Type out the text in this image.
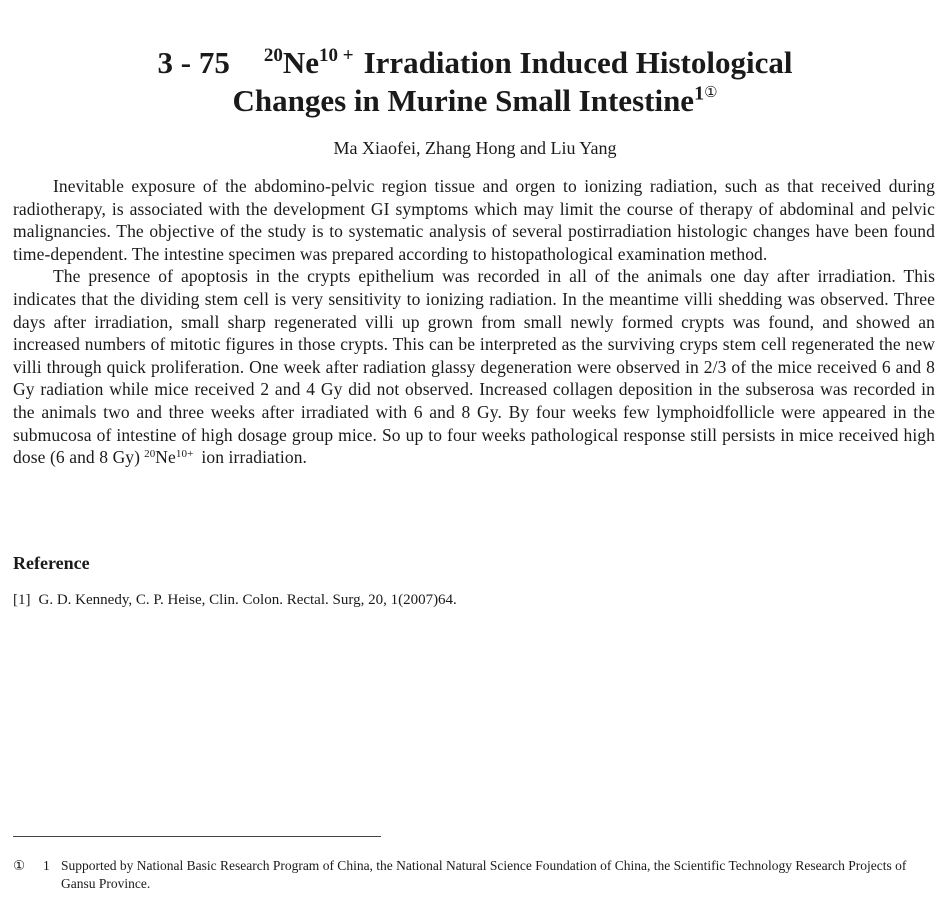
3 - 75 $^{20}Ne^{10 +}$ Irradiation Induced Histological
Changes in Murine Small Intestine$^{1①}$
Ma Xiaofei, Zhang Hong and Liu Yang

Inevitable exposure of the abdomino-pelvic region tissue and orgen to ionizing radiation, such as that received during radiotherapy, is associated with the development GI symptoms which may limit the course of therapy of abdominal and pelvic malignancies. The objective of the study is to systematic analysis of several postirradiation histologic changes have been found time-dependent. The intestine specimen was prepared according to histopathological examination method.

The presence of apoptosis in the crypts epithelium was recorded in all of the animals one day after irradiation. This indicates that the dividing stem cell is very sensitivity to ionizing radiation. In the meantime villi shedding was observed. Three days after irradiation, small sharp regenerated villi up grown from small newly formed crypts was found, and showed an increased numbers of mitotic figures in those crypts. This can be interpreted as the surviving cryps stem cell regenerated the new villi through quick proliferation. One week after radiation glassy degeneration were observed in 2/3 of the mice received 6 and 8 Gy radiation while mice received 2 and 4 Gy did not observed. Increased collagen deposition in the subserosa was recorded in the animals two and three weeks after irradiated with 6 and 8 Gy. By four weeks few lymphoidfollicle were appeared in the submucosa of intestine of high dosage group mice. So up to four weeks pathological response still persists in mice received high dose (6 and 8 Gy) $^{20}Ne^{10+}$ ion irradiation.

Reference
[1] G. D. Kennedy, C. P. Heise, Clin. Colon. Rectal. Surg, 20, 1(2007)64.
① 1 Supported by National Basic Research Program of China, the National Natural Science Foundation of China, the Scientific Technology Research Projects of Gansu Province.
